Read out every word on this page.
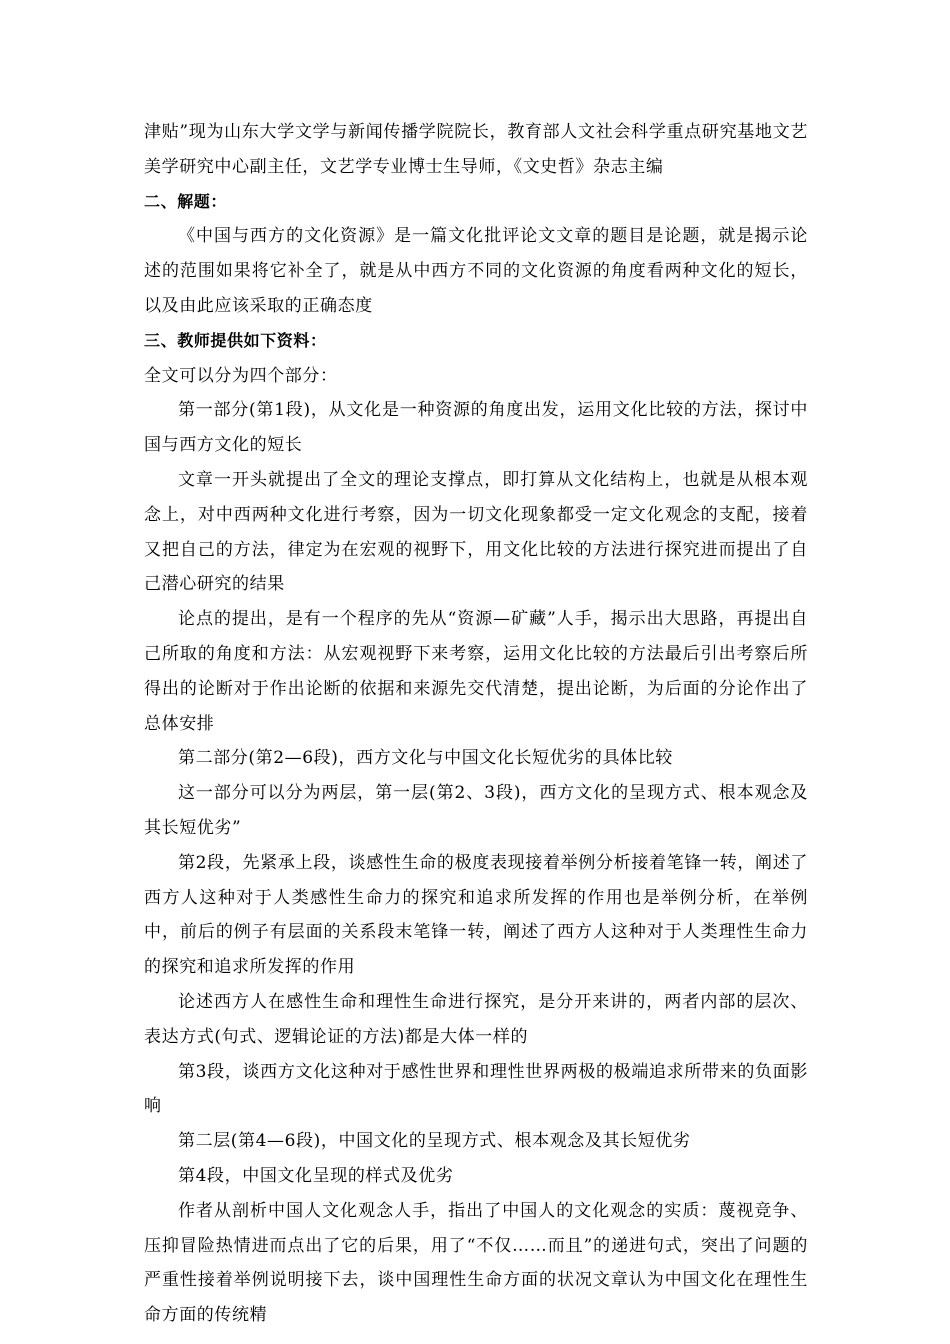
津贴”现为山东大学文学与新闻传播学院院长，教育部人文社会科学重点研究基地文艺美学研究中心副主任，文艺学专业博士生导师，《文史哲》杂志主编

二、解题：

《中国与西方的文化资源》是一篇文化批评论文文章的题目是论题，就是揭示论述的范围如果将它补全了，就是从中西方不同的文化资源的角度看两种文化的短长，以及由此应该采取的正确态度

三、教师提供如下资料：

全文可以分为四个部分：

第一部分(第1段)，从文化是一种资源的角度出发，运用文化比较的方法，探讨中国与西方文化的短长

文章一开头就提出了全文的理论支撑点，即打算从文化结构上，也就是从根本观念上，对中西两种文化进行考察，因为一切文化现象都受一定文化观念的支配，接着又把自己的方法，律定为在宏观的视野下，用文化比较的方法进行探究进而提出了自己潜心研究的结果

论点的提出，是有一个程序的先从“资源—矿藏”人手，揭示出大思路，再提出自己所取的角度和方法：从宏观视野下来考察，运用文化比较的方法最后引出考察后所得出的论断对于作出论断的依据和来源先交代清楚，提出论断，为后面的分论作出了总体安排

第二部分(第2—6段)，西方文化与中国文化长短优劣的具体比较

这一部分可以分为两层，第一层(第2、3段)，西方文化的呈现方式、根本观念及其长短优劣”

第2段，先紧承上段，谈感性生命的极度表现接着举例分析接着笔锋一转，阐述了西方人这种对于人类感性生命力的探究和追求所发挥的作用也是举例分析，在举例中，前后的例子有层面的关系段末笔锋一转，阐述了西方人这种对于人类理性生命力的探究和追求所发挥的作用

论述西方人在感性生命和理性生命进行探究，是分开来讲的，两者内部的层次、表达方式(句式、逻辑论证的方法)都是大体一样的

第3段，谈西方文化这种对于感性世界和理性世界两极的极端追求所带来的负面影响

第二层(第4—6段)，中国文化的呈现方式、根本观念及其长短优劣

第4段，中国文化呈现的样式及优劣

作者从剖析中国人文化观念人手，指出了中国人的文化观念的实质：蔑视竞争、压抑冒险热情进而点出了它的后果，用了“不仅……而且”的递进句式，突出了问题的严重性接着举例说明接下去，谈中国理性生命方面的状况文章认为中国文化在理性生命方面的传统精
